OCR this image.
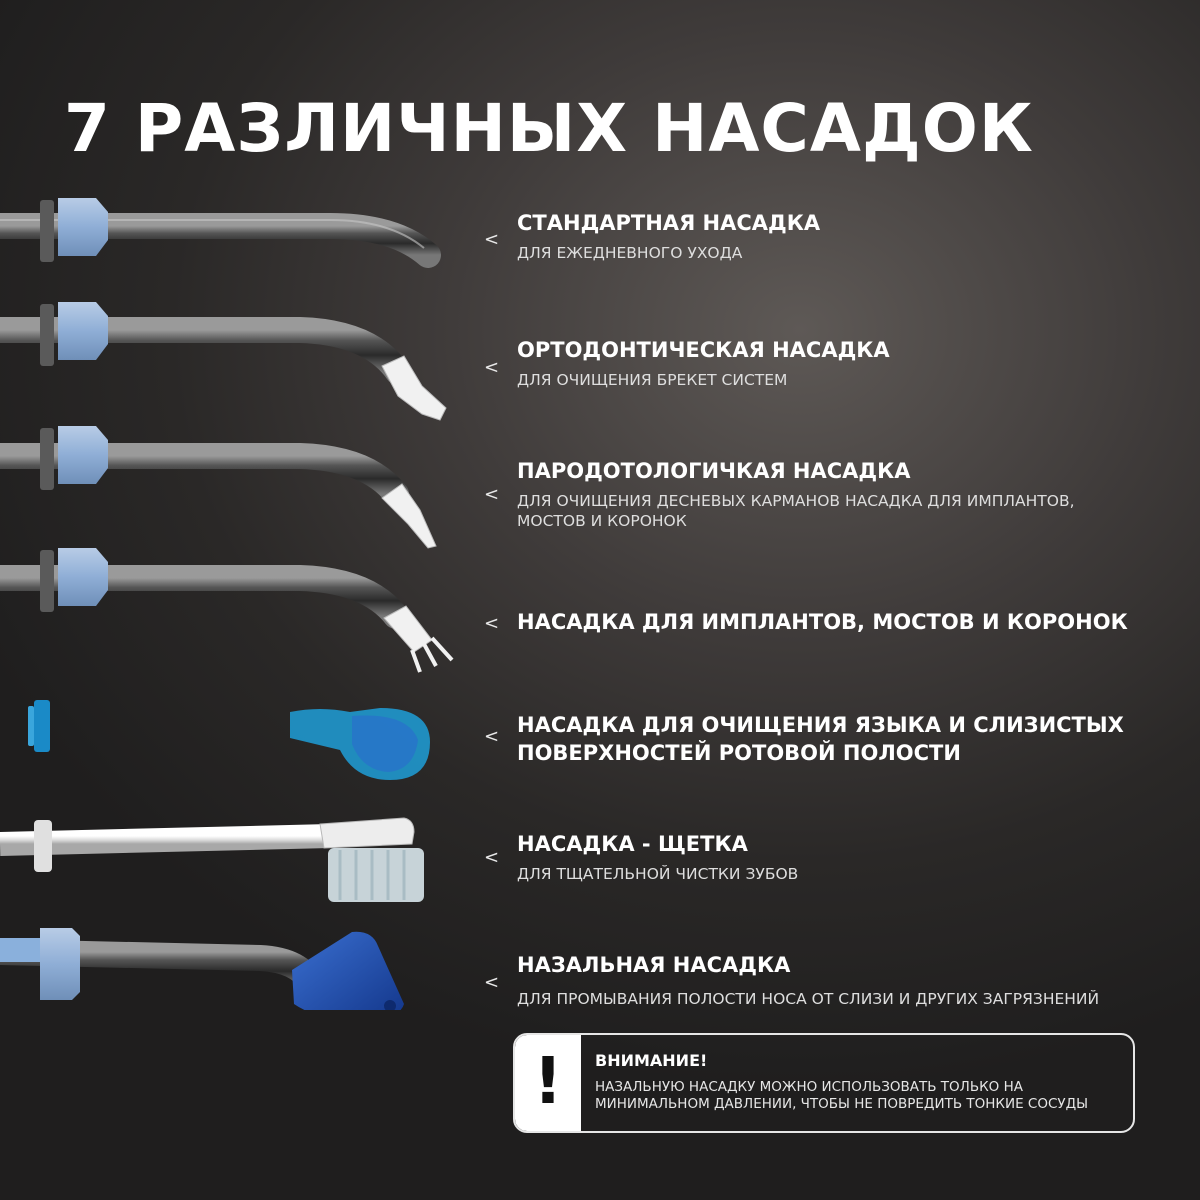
7 РАЗЛИЧНЫХ НАСАДОК
<
СТАНДАРТНАЯ НАСАДКА
ДЛЯ ЕЖЕДНЕВНОГО УХОДА
<
ОРТОДОНТИЧЕСКАЯ НАСАДКА
ДЛЯ ОЧИЩЕНИЯ БРЕКЕТ СИСТЕМ
<
ПАРОДОТОЛОГИЧКАЯ НАСАДКА
ДЛЯ ОЧИЩЕНИЯ ДЕСНЕВЫХ КАРМАНОВ НАСАДКА ДЛЯ ИМПЛАНТОВ, МОСТОВ И КОРОНОК
< НАСАДКА ДЛЯ ИМПЛАНТОВ, МОСТОВ И КОРОНОК
< НАСАДКА ДЛЯ ОЧИЩЕНИЯ ЯЗЫКА И СЛИЗИСТЫХ ПОВЕРХНОСТЕЙ РОТОВОЙ ПОЛОСТИ
<
НАСАДКА - ЩЕТКА
ДЛЯ ТЩАТЕЛЬНОЙ ЧИСТКИ ЗУБОВ
<
НАЗАЛЬНАЯ НАСАДКА
ДЛЯ ПРОМЫВАНИЯ ПОЛОСТИ НОСА ОТ СЛИЗИ И ДРУГИХ ЗАГРЯЗНЕНИЙ
!	ВНИМАНИЕ!
НАЗАЛЬНУЮ НАСАДКУ МОЖНО ИСПОЛЬЗОВАТЬ ТОЛЬКО НА МИНИМАЛЬНОМ ДАВЛЕНИИ, ЧТОБЫ НЕ ПОВРЕДИТЬ ТОНКИЕ СОСУДЫ
